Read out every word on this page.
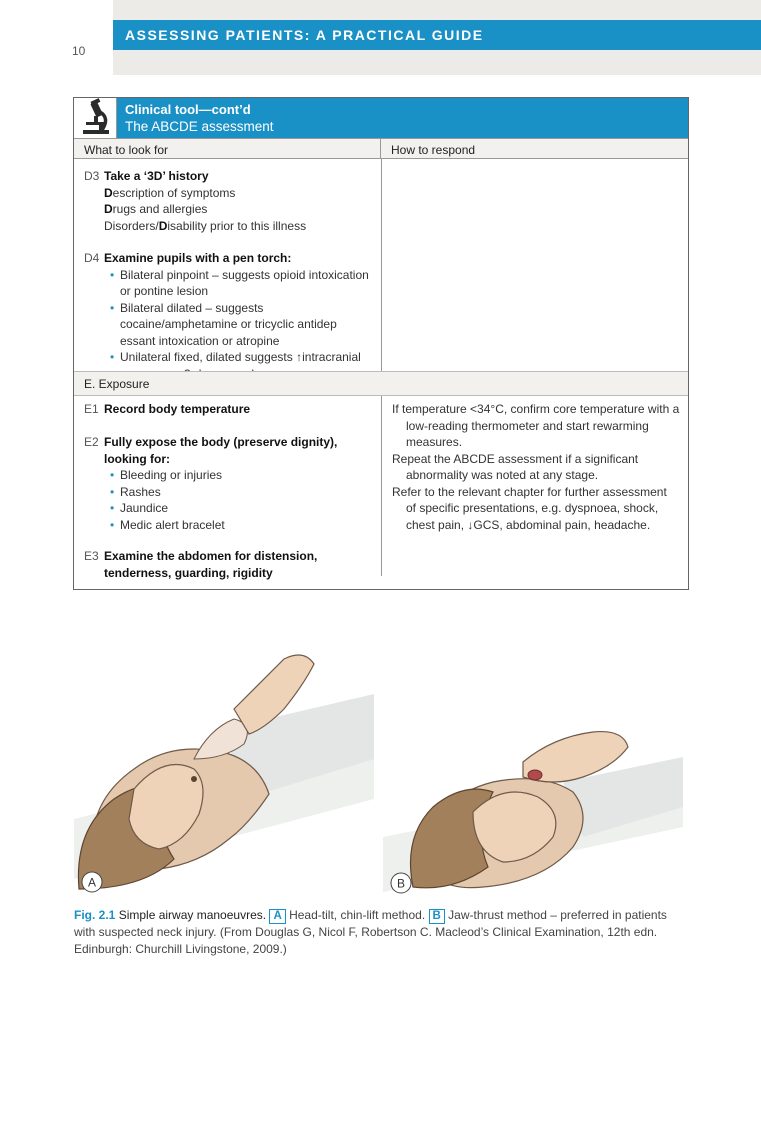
ASSESSING PATIENTS: A PRACTICAL GUIDE
10
Clinical tool—cont’d
The ABCDE assessment
What to look for	How to respond
D3 Take a ‘3D’ history
Description of symptoms
Drugs and allergies
Disorders/Disability prior to this illness
D4 Examine pupils with a pen torch:
• Bilateral pinpoint – suggests opioid intoxication or pontine lesion
• Bilateral dilated – suggests cocaine/amphetamine or tricyclic antidep essant intoxication or atropine
• Unilateral fixed, dilated suggests ↑intracranial
E. Exposure
E1 Record body temperature
E2 Fully expose the body (preserve dignity), looking for:
• Bleeding or injuries
• Rashes
• Jaundice
• Medic alert bracelet
E3 Examine the abdomen for distension, tenderness, guarding, rigidity
If temperature <34°C, confirm core temperature with a low-reading thermometer and start rewarming measures.
Repeat the ABCDE assessment if a significant abnormality was noted at any stage.
Refer to the relevant chapter for further assessment of specific presentations, e.g. dyspnoea, shock, chest pain, ↓GCS, abdominal pain, headache.
A	B
Fig. 2.1 Simple airway manoeuvres. A Head-tilt, chin-lift method. B Jaw-thrust method – preferred in patients with suspected neck injury. (From Douglas G, Nicol F, Robertson C. Macleod’s Clinical Examination, 12th edn. Edinburgh: Churchill Livingstone, 2009.)
